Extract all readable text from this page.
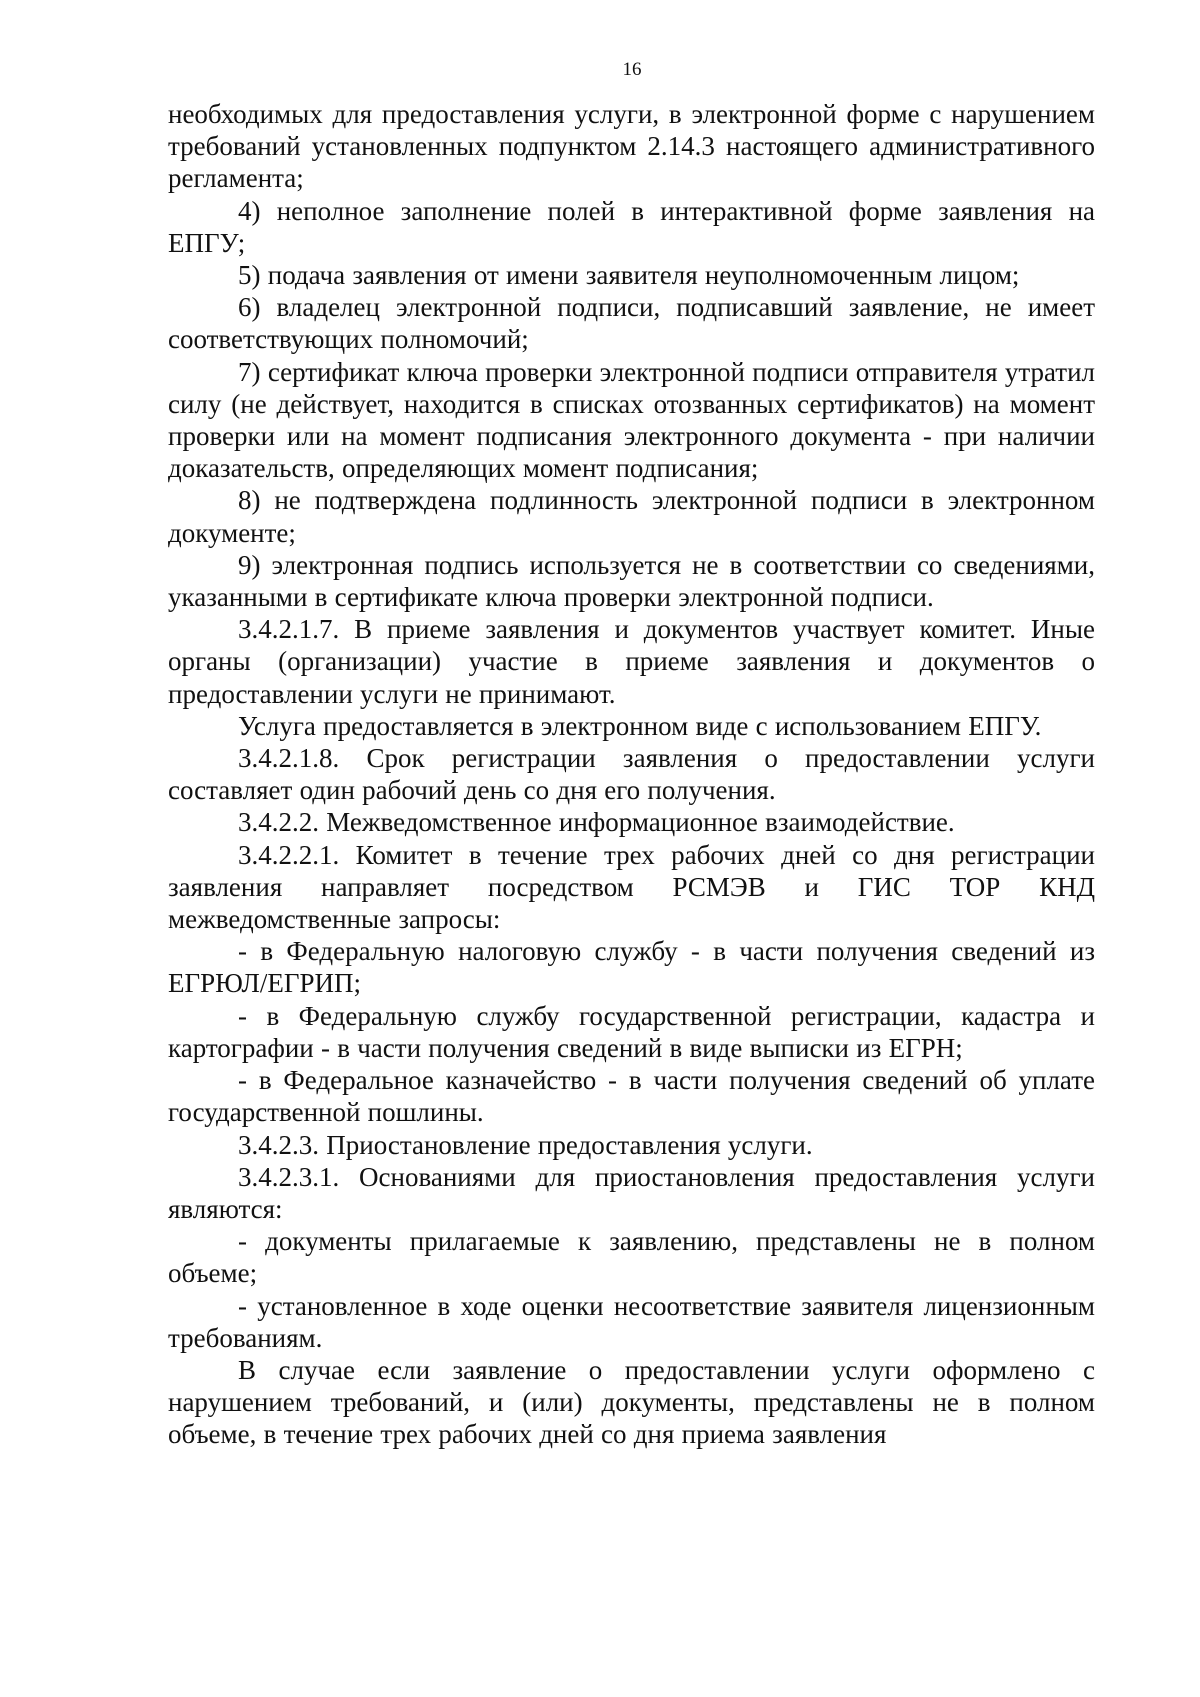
16

необходимых для предоставления услуги, в электронной форме с нарушением требований установленных подпунктом 2.14.3 настоящего административного регламента;

4) неполное заполнение полей в интерактивной форме заявления на ЕПГУ;

5) подача заявления от имени заявителя неуполномоченным лицом;

6) владелец электронной подписи, подписавший заявление, не имеет соответствующих полномочий;

7) сертификат ключа проверки электронной подписи отправителя утратил силу (не действует, находится в списках отозванных сертификатов) на момент проверки или на момент подписания электронного документа - при наличии доказательств, определяющих момент подписания;

8) не подтверждена подлинность электронной подписи в электронном документе;

9) электронная подпись используется не в соответствии со сведениями, указанными в сертификате ключа проверки электронной подписи.

3.4.2.1.7. В приеме заявления и документов участвует комитет. Иные органы (организации) участие в приеме заявления и документов о предоставлении услуги не принимают.

Услуга предоставляется в электронном виде с использованием ЕПГУ.

3.4.2.1.8. Срок регистрации заявления о предоставлении услуги составляет один рабочий день со дня его получения.

3.4.2.2. Межведомственное информационное взаимодействие.

3.4.2.2.1. Комитет в течение трех рабочих дней со дня регистрации заявления направляет посредством РСМЭВ и ГИС ТОР КНД межведомственные запросы:

- в Федеральную налоговую службу - в части получения сведений из ЕГРЮЛ/ЕГРИП;

- в Федеральную службу государственной регистрации, кадастра и картографии - в части получения сведений в виде выписки из ЕГРН;

- в Федеральное казначейство - в части получения сведений об уплате государственной пошлины.

3.4.2.3. Приостановление предоставления услуги.

3.4.2.3.1. Основаниями для приостановления предоставления услуги являются:

- документы прилагаемые к заявлению, представлены не в полном объеме;

- установленное в ходе оценки несоответствие заявителя лицензионным требованиям.

В случае если заявление о предоставлении услуги оформлено с нарушением требований, и (или) документы, представлены не в полном объеме, в течение трех рабочих дней со дня приема заявления
